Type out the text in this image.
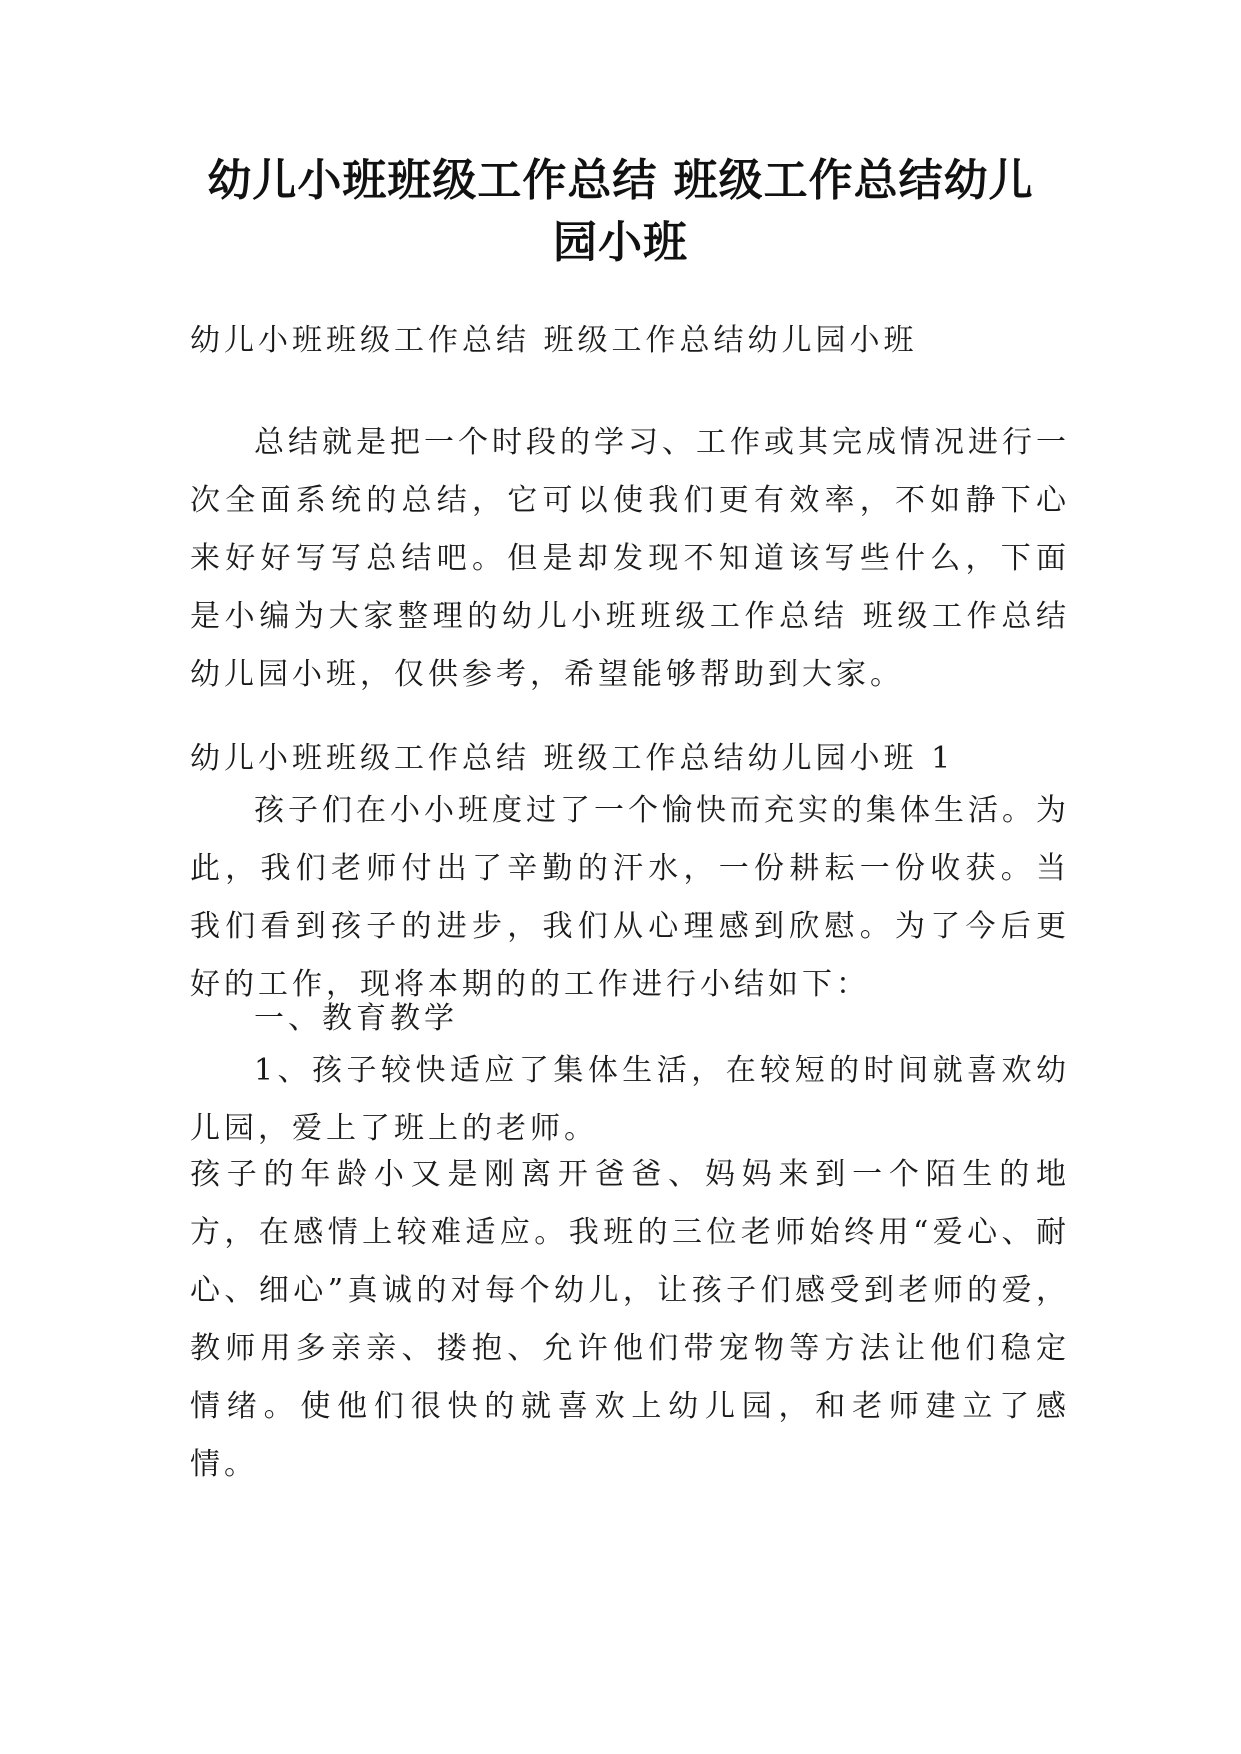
幼儿小班班级工作总结 班级工作总结幼儿
园小班

幼儿小班班级工作总结 班级工作总结幼儿园小班

总结就是把一个时段的学习、工作或其完成情况进行一次全面系统的总结，它可以使我们更有效率，不如静下心来好好写写总结吧。但是却发现不知道该写些什么，下面是小编为大家整理的幼儿小班班级工作总结 班级工作总结幼儿园小班，仅供参考，希望能够帮助到大家。

幼儿小班班级工作总结 班级工作总结幼儿园小班 1

孩子们在小小班度过了一个愉快而充实的集体生活。为此，我们老师付出了辛勤的汗水，一份耕耘一份收获。当我们看到孩子的进步，我们从心理感到欣慰。为了今后更好的工作，现将本期的的工作进行小结如下：

一、教育教学

1、孩子较快适应了集体生活，在较短的时间就喜欢幼儿园，爱上了班上的老师。

孩子的年龄小又是刚离开爸爸、妈妈来到一个陌生的地方，在感情上较难适应。我班的三位老师始终用“爱心、耐心、细心”真诚的对每个幼儿，让孩子们感受到老师的爱，教师用多亲亲、搂抱、允许他们带宠物等方法让他们稳定情绪。使他们很快的就喜欢上幼儿园，和老师建立了感情。
